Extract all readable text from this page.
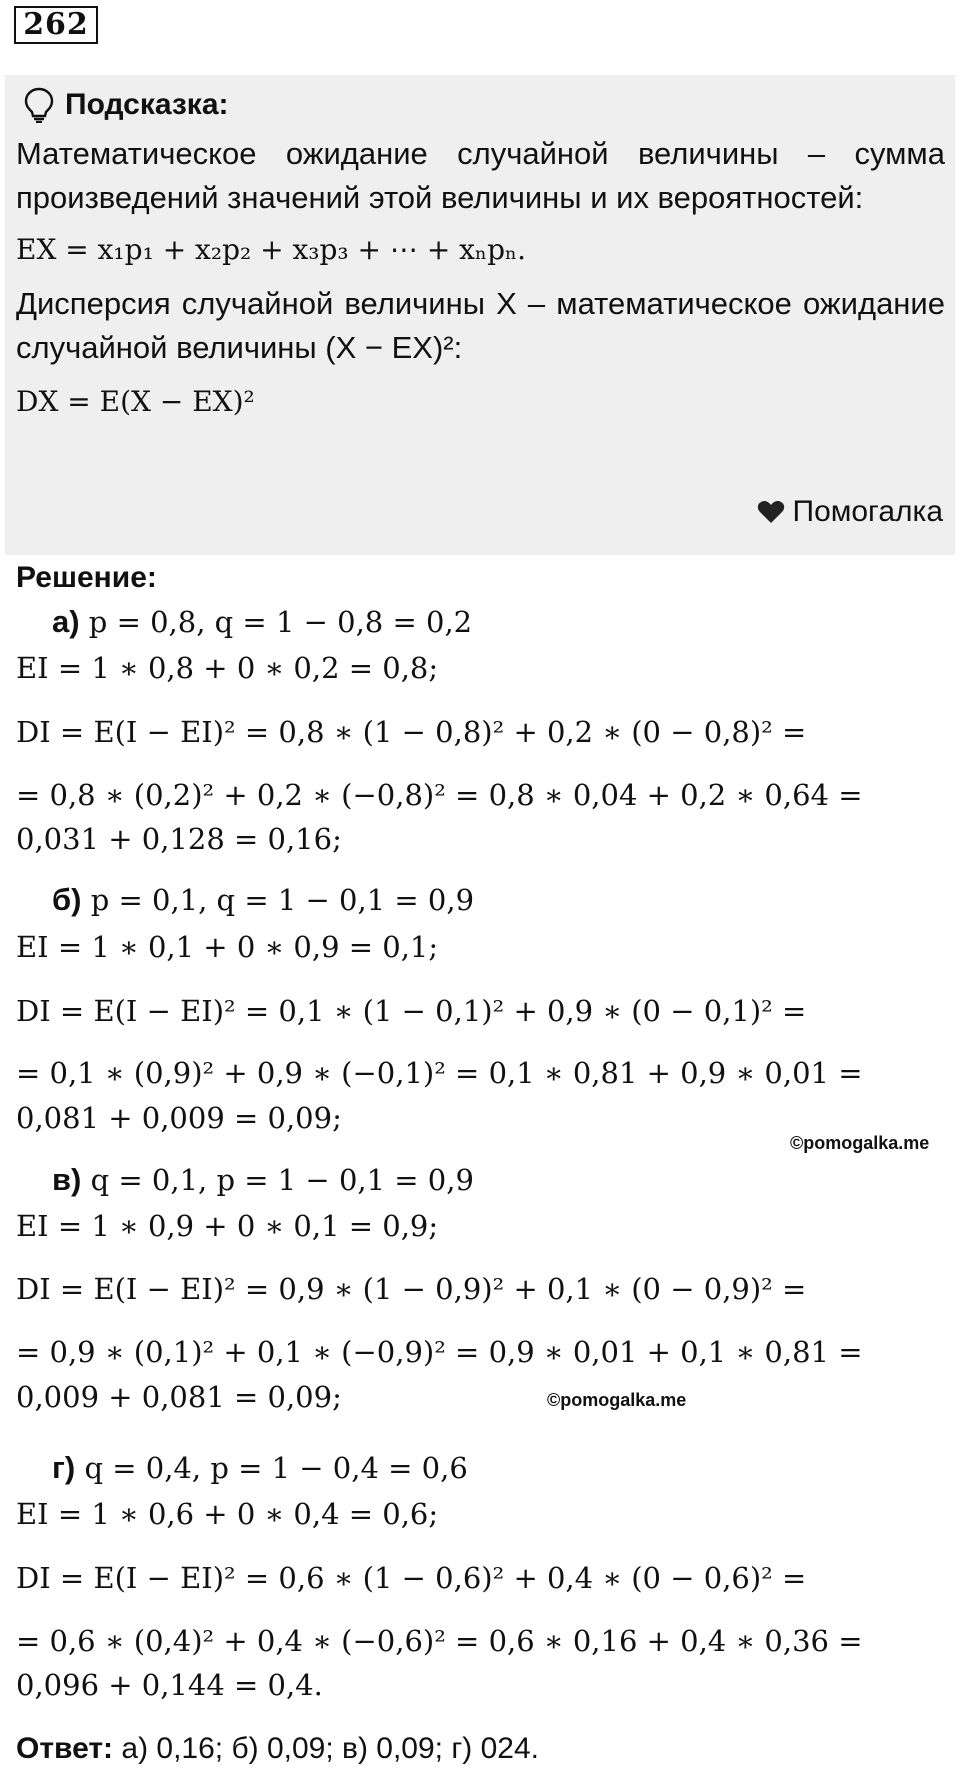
262
Подсказка:
Математическое ожидание случайной величины – сумма произведений значений этой величины и их вероятностей:
EX = x₁p₁ + x₂p₂ + x₃p₃ + ⋯ + xₙpₙ.
Дисперсия случайной величины X – математическое ожидание случайной величины (X − EX)²:
DX = E(X − EX)²
Помогалка
Решение:
а) p = 0,8, q = 1 − 0,8 = 0,2
EI = 1 ∗ 0,8 + 0 ∗ 0,2 = 0,8;
DI = E(I − EI)² = 0,8 ∗ (1 − 0,8)² + 0,2 ∗ (0 − 0,8)² =
= 0,8 ∗ (0,2)² + 0,2 ∗ (−0,8)² = 0,8 ∗ 0,04 + 0,2 ∗ 0,64 =
0,031 + 0,128 = 0,16;
б) p = 0,1, q = 1 − 0,1 = 0,9
EI = 1 ∗ 0,1 + 0 ∗ 0,9 = 0,1;
DI = E(I − EI)² = 0,1 ∗ (1 − 0,1)² + 0,9 ∗ (0 − 0,1)² =
= 0,1 ∗ (0,9)² + 0,9 ∗ (−0,1)² = 0,1 ∗ 0,81 + 0,9 ∗ 0,01 =
0,081 + 0,009 = 0,09;
©pomogalka.me
в) q = 0,1, p = 1 − 0,1 = 0,9
EI = 1 ∗ 0,9 + 0 ∗ 0,1 = 0,9;
DI = E(I − EI)² = 0,9 ∗ (1 − 0,9)² + 0,1 ∗ (0 − 0,9)² =
= 0,9 ∗ (0,1)² + 0,1 ∗ (−0,9)² = 0,9 ∗ 0,01 + 0,1 ∗ 0,81 =
0,009 + 0,081 = 0,09;	©pomogalka.me
г) q = 0,4, p = 1 − 0,4 = 0,6
EI = 1 ∗ 0,6 + 0 ∗ 0,4 = 0,6;
DI = E(I − EI)² = 0,6 ∗ (1 − 0,6)² + 0,4 ∗ (0 − 0,6)² =
= 0,6 ∗ (0,4)² + 0,4 ∗ (−0,6)² = 0,6 ∗ 0,16 + 0,4 ∗ 0,36 =
0,096 + 0,144 = 0,4.
Ответ: а) 0,16; б) 0,09; в) 0,09; г) 024.
